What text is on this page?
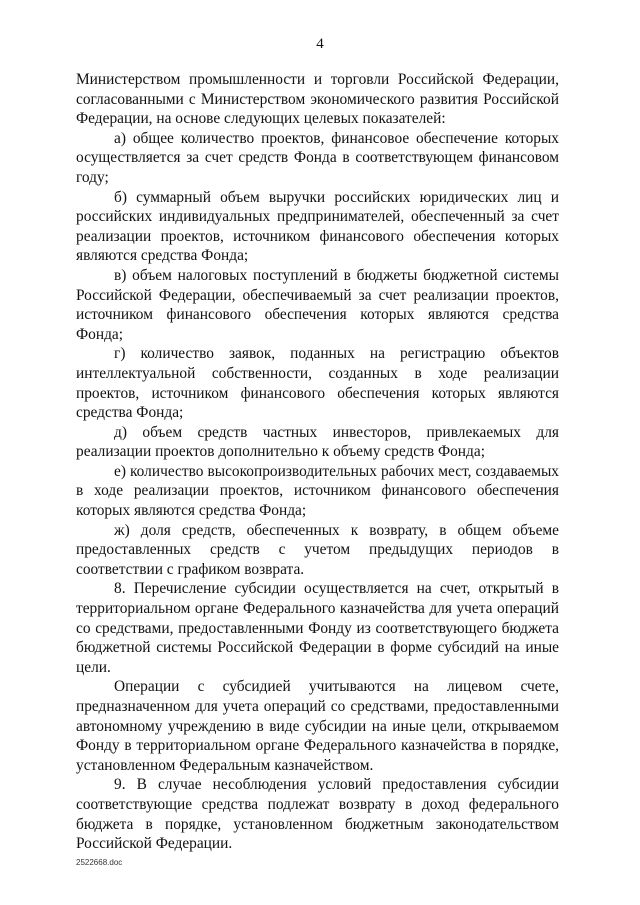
4

Министерством промышленности и торговли Российской Федерации, согласованными с Министерством экономического развития Российской Федерации, на основе следующих целевых показателей:

а) общее количество проектов, финансовое обеспечение которых осуществляется за счет средств Фонда в соответствующем финансовом году;

б) суммарный объем выручки российских юридических лиц и российских индивидуальных предпринимателей, обеспеченный за счет реализации проектов, источником финансового обеспечения которых являются средства Фонда;

в) объем налоговых поступлений в бюджеты бюджетной системы Российской Федерации, обеспечиваемый за счет реализации проектов, источником финансового обеспечения которых являются средства Фонда;

г) количество заявок, поданных на регистрацию объектов интеллектуальной собственности, созданных в ходе реализации проектов, источником финансового обеспечения которых являются средства Фонда;

д) объем средств частных инвесторов, привлекаемых для реализации проектов дополнительно к объему средств Фонда;

е) количество высокопроизводительных рабочих мест, создаваемых в ходе реализации проектов, источником финансового обеспечения которых являются средства Фонда;

ж) доля средств, обеспеченных к возврату, в общем объеме предоставленных средств с учетом предыдущих периодов в соответствии с графиком возврата.

8. Перечисление субсидии осуществляется на счет, открытый в территориальном органе Федерального казначейства для учета операций со средствами, предоставленными Фонду из соответствующего бюджета бюджетной системы Российской Федерации в форме субсидий на иные цели.

Операции с субсидией учитываются на лицевом счете, предназначенном для учета операций со средствами, предоставленными автономному учреждению в виде субсидии на иные цели, открываемом Фонду в территориальном органе Федерального казначейства в порядке, установленном Федеральным казначейством.

9. В случае несоблюдения условий предоставления субсидии соответствующие средства подлежат возврату в доход федерального бюджета в порядке, установленном бюджетным законодательством Российской Федерации.

2522668.doc
